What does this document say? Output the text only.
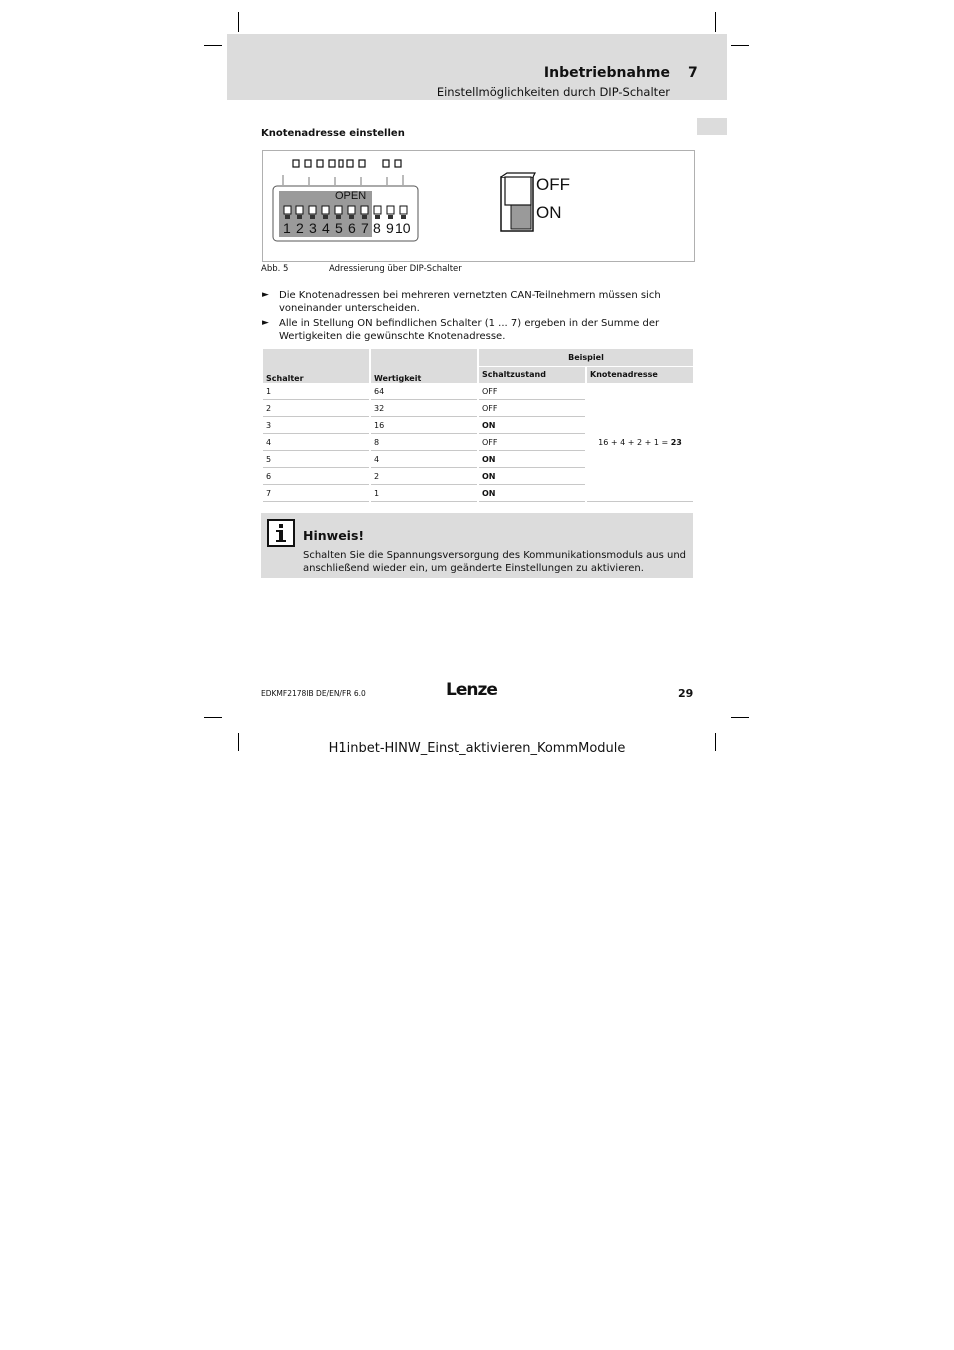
Inbetriebnahme 7
Einstellmöglichkeiten durch DIP-Schalter
Knotenadresse einstellen
OPEN
1 2 3 4 5 6 7 8 9 10
OFF
ON
Abb. 5	Adressierung über DIP-Schalter
► Die Knotenadressen bei mehreren vernetzten CAN-Teilnehmern müssen sich voneinander unterscheiden.
► Alle in Stellung ON befindlichen Schalter (1 ... 7) ergeben in der Summe der Wertigkeiten die gewünschte Knotenadresse.
Schalter	Wertigkeit	Beispiel	
		Schaltzustand	Knotenadresse
1	64	OFF	16 + 4 + 2 + 1 = 23
2	32	OFF	
3	16	ON	
4	8	OFF	
5	4	ON	
6	2	ON	
7	1	ON	
Hinweis!
Schalten Sie die Spannungsversorgung des Kommunikationsmoduls aus und anschließend wieder ein, um geänderte Einstellungen zu aktivieren.
EDKMF2178IB DE/EN/FR 6.0	Lenze	29
H1inbet-HINW_Einst_aktivieren_KommModule
